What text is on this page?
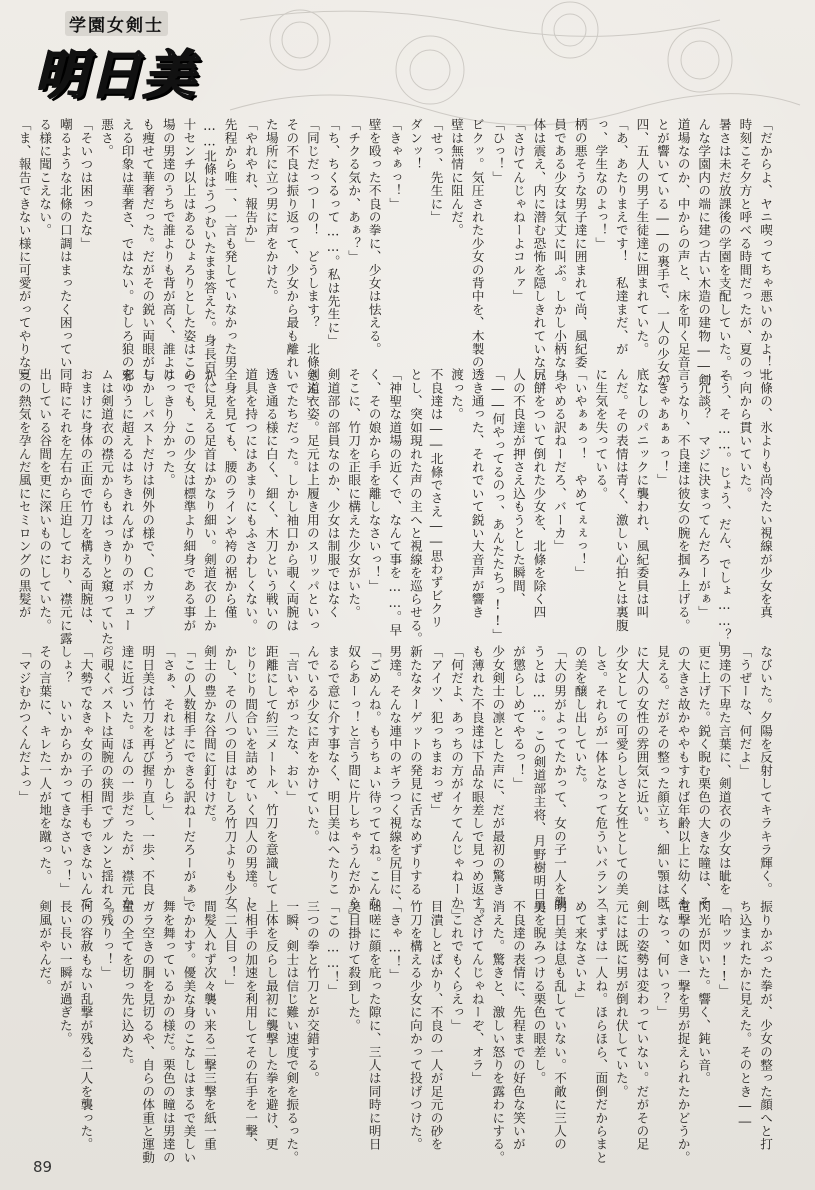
学園女剣士
明日美
「だからよ、ヤニ喫ってちゃ悪いのかよ！」
時刻こそ夕方と呼べる時間だったが、夏の
暑さは未だ放課後の学園を支配していた。そ
んな学園内の端に建つ古い木造の建物――剣
道場なのか、中からの声と、床を叩く足音
とが響いている――の裏手で、一人の少女が
四、五人の男子生徒達に囲まれていた。
「あ、あたりまえです！　私達まだ、が
っ、学生なのよっ！」
柄の悪そうな男子達に囲まれて尚、風紀委
員である少女は気丈に叫ぶ。しかし小柄な身
体は震え、内に潜む恐怖を隠しきれていない。
「さけてんじゃねーよコルァ」
「ひっ！」
ビクッ。気圧された少女の背中を、木製の
壁は無情に阻んだ。
「せっ、先生に」
ダンッ！
「きゃぁっ！」
壁を殴った不良の拳に、少女は怯える。
「チクる気か、あぁ？」
「ち、ちくるって……。私は先生に」
「同じだっつーの！　どうします？　北條さん」
その不良は振り返って、少女から最も離れ
た場所に立つ男に声をかけた。
「やれやれ、報告か」
先程から唯一、一言も発していなかった男
……北條はうつむいたまま答えた。身長百八
十センチ以上はあるひょろりとした姿はこの
場の男達のうちで誰よりも背が高く、誰より
も痩せて華奢だった。だがその鋭い両眼が与
える印象は華奢さ、ではない。むしろ狼の邪
悪さ。
「そいつは困ったな」
嘲るような北條の口調はまったく困ってい
る様に聞こえない。
「ま、報告できない様に可愛がってやりな」
北條の、氷よりも尚冷たい視線が少女を真
っ向から貫いていた。
「う、そ……。じょう、だん、でしょ……？」
「冗談？　マジに決まってんだろーがぁ」
言うなり、不良達は彼女の腕を掴み上げる。
「きゃあぁぁっ！」
底なしのパニックに襲われ、風紀委員は叫
んだ。その表情は青く、激しい心拍とは裏腹
に生気を失っている。
「いやぁぁっ！　やめてぇぇっ！」
「やめる訳ねーだろ、バーカ」
尻餅をついて倒れた少女を、北條を除く四
人の不良達が押さえ込もうとした瞬間、
「――何やってるのっ、あんたたちっ!!」
透き通った、それでいて鋭い大音声が響き
渡った。
不良達は――北條でさえ――思わずビクリ
とし、突如現れた声の主へと視線を巡らせる。
「神聖な道場の近くで、なんて事を……。早
く、その娘から手を離しなさいっ！」
そこに、竹刀を正眼に構えた少女がいた。
剣道部の部員なのか、少女は制服ではなく
剣道衣姿。足元は上履き用のスリッパといっ
いでたちだった。しかし袖口から覗く両腕は
透き通る様に白く、細く、木刀という戦いの
道具を持つにはあまりにもふさわしくない。
全身を見ても、腰のラインや袴の裾から僅
かに見える足首はかなり細い。剣道衣の上か
らでも、この少女は標準より細身である事が
はっきり分かった。
しかしバストだけは例外の様で、Ｃカップ
をゆうに超えるはちきれんばかりのボリュー
ムは剣道衣の襟元からもはっきりと窺っていた。
おまけに身体の正面で竹刀を構える両腕は、
同時にそれを左右から圧迫しており、襟元に露
出している谷間を更に深いものにしていた。
夏の熱気を孕んだ風にセミロングの黒髪が
なびいた。夕陽を反射してキラキラ輝く。
「うぜーな、何だよ」
男達の下卑た言葉に、剣道衣の少女は眦を
更に上げた。鋭く睨む栗色の大きな瞳は、そ
の大きさ故かややもすれば年齢以上に幼くも
見える。だがその整った顔立ち、細い顎は既
に大人の女性の雰囲気に近い。
少女としての可愛らしさと女性としての美
しさ。それらが一体となって危ういバランス
の美を醸し出していた。
「大の男がよってたかって、女の子一人を襲
うとは……。この剣道部主将、月野樹明日美
が懲らしめてやるっ！」
少女剣士の凛とした声に、だが最初の驚き
も薄れた不良達は下品な眼差しで見つめ返す。
「何だよ、あっちの方がイケてんじゃねーか」
「アイツ、犯っちまおっぜ」
新たなターゲットの発見に舌なめずりする
男達。そんな連中のギラつく視線を尻目に、
「ごめんね。もうちょい待っててね。こんな
奴らあーっ！と言う間に片しちゃうんだから」
まるで意に介す事なく、明日美はへたりこ
んでいる少女に声をかけていた。
「言いやがったな、おい」
距離にして約三メートル、竹刀を意識して
じりじり間合いを詰めていく四人の男達。し
かし、その八つの目はむしろ竹刀よりも少女
剣士の豊かな谷間に釘付けだ。
「この人数相手にできる訳ねーだろーがぁ」
「さぁ、それはどうかしら」
明日美は竹刀を再び握り直し、一歩、不良
達に近づいた。ほんの一歩だったが、襟元か
ら覗くバストは両腕の狭間でプルンと揺れる。
「大勢でなきゃ女の子の相手もできないんで
しょ？　いいからかかってきなさいっ！」
その言葉に、キレた一人が地を蹴った。
「マジむかつくんだよっ」
振りかぶった拳が、少女の整った顔へと打
ち込まれたかに見えた。そのとき――
「哈ッッ!!」
閃光が閃いた。響く、鈍い音。
電撃の如き一撃を男が捉えられたかどうか。
「なっ、何いっ？」
剣士の姿勢は変わっていない。だがその足
元には既に男が倒れ伏していた。
「まずは一人ね。ほらほら、面倒だからまと
めて来なさいよ」
明日美は息も乱していない。不敵に三人の
男を睨みつける栗色の眼差し。
不良達の表情に、先程までの好色な笑いが
消えた。驚きと、激しい怒りを露わにする。
「ざけてんじゃねーぞ、オラ」
「これでもくらえっ」
目潰しとばかり、不良の一人が足元の砂を
竹刀を構える少女に向かって投げつけた。
「きゃ…！」
咄嗟に顔を庇った隙に、三人は同時に明日
美目掛けて殺到した。
「この……！」
三つの拳と竹刀とが交錯する。
一瞬、剣士は信じ難い速度で剣を振るった。
上体を反らし最初に襲撃した拳を避け、更
に相手の加速を利用してその右手を一撃、
「二人目っ！」
間髪入れず次々襲い来る二撃三撃を紙一重
でかわす。優美な身のこなしはまるで美しい
舞を舞っているかの様だ。栗色の瞳は男達の
ガラ空きの胴を見切るや、自らの体重と運動
量の全てを切っ先に込めた。
「残りっ！」
何の容赦もない乱撃が残る二人を襲った。
長い長い一瞬が過ぎた。
剣風がやんだ。
89
